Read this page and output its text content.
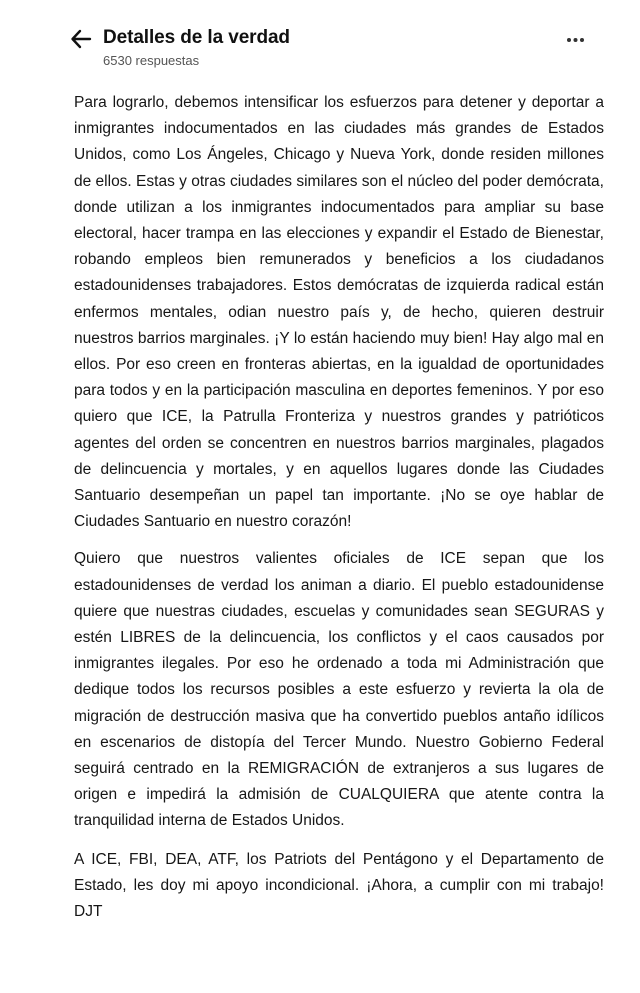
Detalles de la verdad
6530 respuestas

Para lograrlo, debemos intensificar los esfuerzos para detener y deportar a inmigrantes indocumentados en las ciudades más grandes de Estados Unidos, como Los Ángeles, Chicago y Nueva York, donde residen millones de ellos. Estas y otras ciudades similares son el núcleo del poder demócrata, donde utilizan a los inmigrantes indocumentados para ampliar su base electoral, hacer trampa en las elecciones y expandir el Estado de Bienestar, robando empleos bien remunerados y beneficios a los ciudadanos estadounidenses trabajadores. Estos demócratas de izquierda radical están enfermos mentales, odian nuestro país y, de hecho, quieren destruir nuestros barrios marginales. ¡Y lo están haciendo muy bien! Hay algo mal en ellos. Por eso creen en fronteras abiertas, en la igualdad de oportunidades para todos y en la participación masculina en deportes femeninos. Y por eso quiero que ICE, la Patrulla Fronteriza y nuestros grandes y patrióticos agentes del orden se concentren en nuestros barrios marginales, plagados de delincuencia y mortales, y en aquellos lugares donde las Ciudades Santuario desempeñan un papel tan importante. ¡No se oye hablar de Ciudades Santuario en nuestro corazón!

Quiero que nuestros valientes oficiales de ICE sepan que los estadounidenses de verdad los animan a diario. El pueblo estadounidense quiere que nuestras ciudades, escuelas y comunidades sean SEGURAS y estén LIBRES de la delincuencia, los conflictos y el caos causados por inmigrantes ilegales. Por eso he ordenado a toda mi Administración que dedique todos los recursos posibles a este esfuerzo y revierta la ola de migración de destrucción masiva que ha convertido pueblos antaño idílicos en escenarios de distopía del Tercer Mundo. Nuestro Gobierno Federal seguirá centrado en la REMIGRACIÓN de extranjeros a sus lugares de origen e impedirá la admisión de CUALQUIERA que atente contra la tranquilidad interna de Estados Unidos.

A ICE, FBI, DEA, ATF, los Patriots del Pentágono y el Departamento de Estado, les doy mi apoyo incondicional. ¡Ahora, a cumplir con mi trabajo! DJT
